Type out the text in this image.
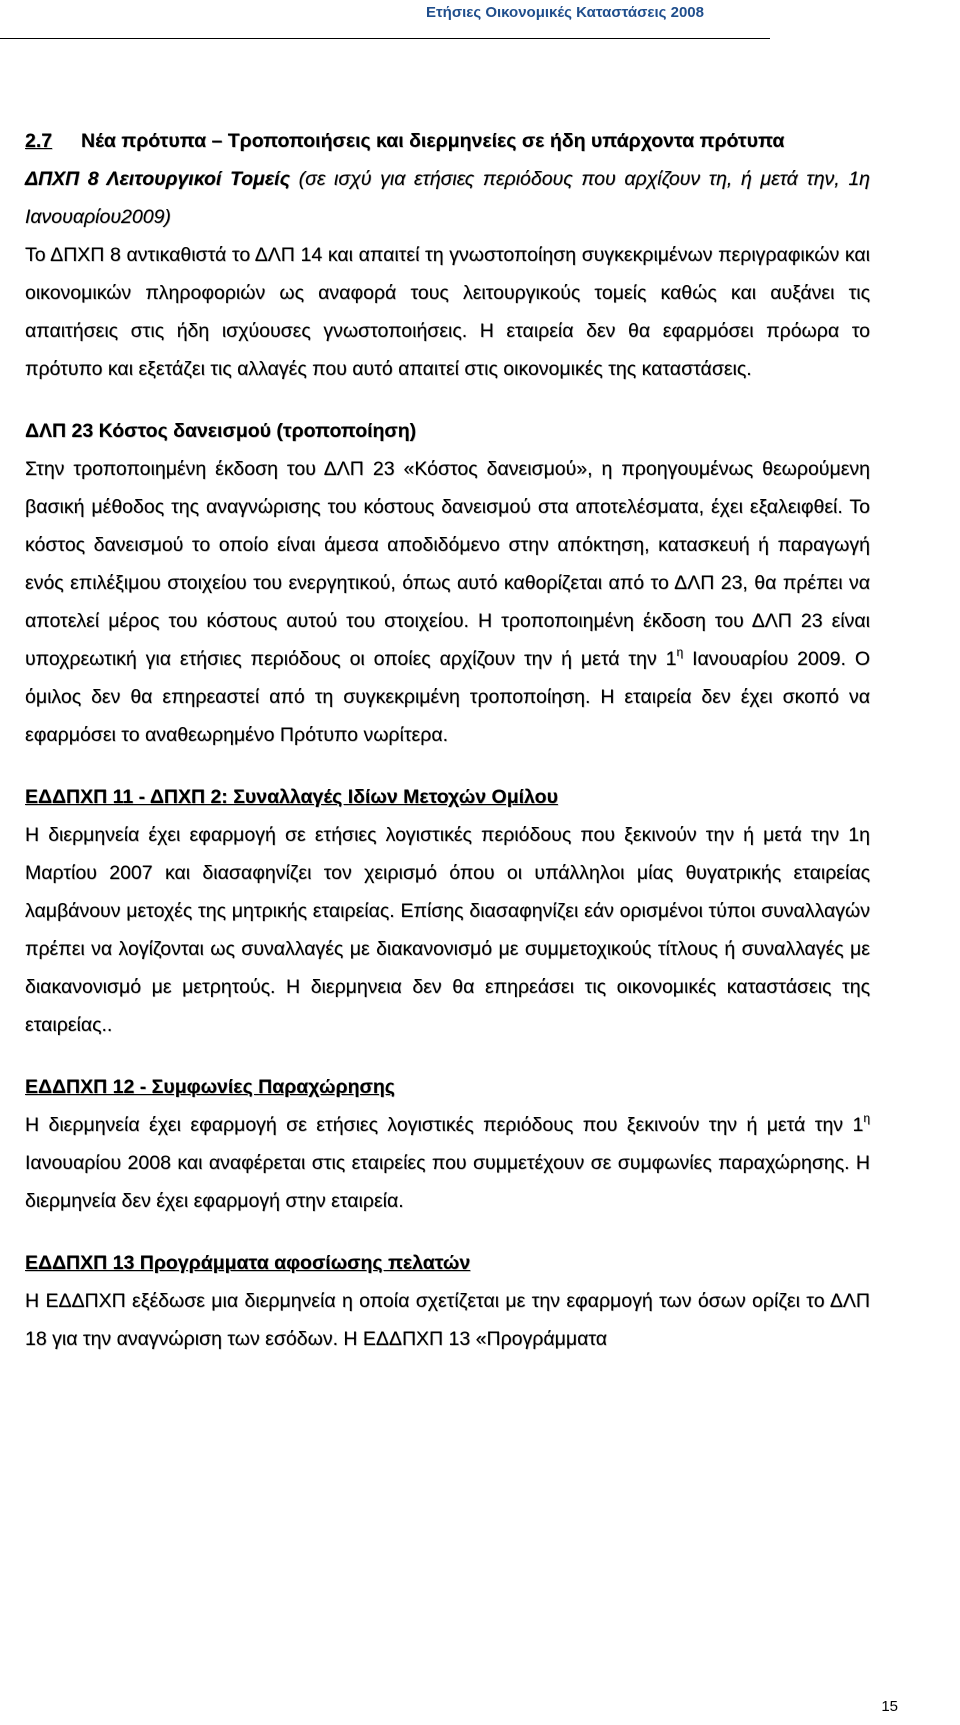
Ετήσιες Οικονομικές Καταστάσεις 2008
2.7	Νέα πρότυπα – Τροποποιήσεις και διερμηνείες σε ήδη υπάρχοντα πρότυπα

ΔΠΧΠ 8 Λειτουργικοί Τομείς (σε ισχύ για ετήσιες περιόδους που αρχίζουν τη, ή μετά την, 1η Ιανουαρίου2009)

Το ΔΠΧΠ 8 αντικαθιστά το ΔΛΠ 14 και απαιτεί τη γνωστοποίηση συγκεκριμένων περιγραφικών και οικονομικών πληροφοριών ως αναφορά τους λειτουργικούς τομείς καθώς και αυξάνει τις απαιτήσεις στις ήδη ισχύουσες γνωστοποιήσεις. Η εταιρεία δεν θα εφαρμόσει πρόωρα το πρότυπο και εξετάζει τις αλλαγές που αυτό απαιτεί στις οικονομικές της καταστάσεις.

ΔΛΠ 23 Κόστος δανεισμού (τροποποίηση)

Στην τροποποιημένη έκδοση του ΔΛΠ 23 «Κόστος δανεισμού», η προηγουμένως θεωρούμενη βασική μέθοδος της αναγνώρισης του κόστους δανεισμού στα αποτελέσματα, έχει εξαλειφθεί. Το κόστος δανεισμού το οποίο είναι άμεσα αποδιδόμενο στην απόκτηση, κατασκευή ή παραγωγή ενός επιλέξιμου στοιχείου του ενεργητικού, όπως αυτό καθορίζεται από το ΔΛΠ 23, θα πρέπει να αποτελεί μέρος του κόστους αυτού του στοιχείου. Η τροποποιημένη έκδοση του ΔΛΠ 23 είναι υποχρεωτική για ετήσιες περιόδους οι οποίες αρχίζουν την ή μετά την $1^\eta$ Ιανουαρίου 2009. Ο όμιλος δεν θα επηρεαστεί από τη συγκεκριμένη τροποποίηση. Η εταιρεία δεν έχει σκοπό να εφαρμόσει το αναθεωρημένο Πρότυπο νωρίτερα.

ΕΔΔΠΧΠ 11 - ΔΠΧΠ 2: Συναλλαγές Ιδίων Μετοχών Ομίλου

Η διερμηνεία έχει εφαρμογή σε ετήσιες λογιστικές περιόδους που ξεκινούν την ή μετά την 1η Μαρτίου 2007 και διασαφηνίζει τον χειρισμό όπου οι υπάλληλοι μίας θυγατρικής εταιρείας λαμβάνουν μετοχές της μητρικής εταιρείας. Επίσης διασαφηνίζει εάν ορισμένοι τύποι συναλλαγών πρέπει να λογίζονται ως συναλλαγές με διακανονισμό με συμμετοχικούς τίτλους ή συναλλαγές με διακανονισμό με μετρητούς. Η διερμηνεια δεν θα επηρεάσει τις οικονομικές καταστάσεις της εταιρείας..

ΕΔΔΠΧΠ 12 - Συμφωνίες Παραχώρησης

Η διερμηνεία έχει εφαρμογή σε ετήσιες λογιστικές περιόδους που ξεκινούν την ή μετά την $1^\eta$ Ιανουαρίου 2008 και αναφέρεται στις εταιρείες που συμμετέχουν σε συμφωνίες παραχώρησης. Η διερμηνεία δεν έχει εφαρμογή στην εταιρεία.

ΕΔΔΠΧΠ 13 Προγράμματα αφοσίωσης πελατών

Η ΕΔΔΠΧΠ εξέδωσε μια διερμηνεία η οποία σχετίζεται με την εφαρμογή των όσων ορίζει το ΔΛΠ 18 για την αναγνώριση των εσόδων. Η ΕΔΔΠΧΠ 13 «Προγράμματα

15
